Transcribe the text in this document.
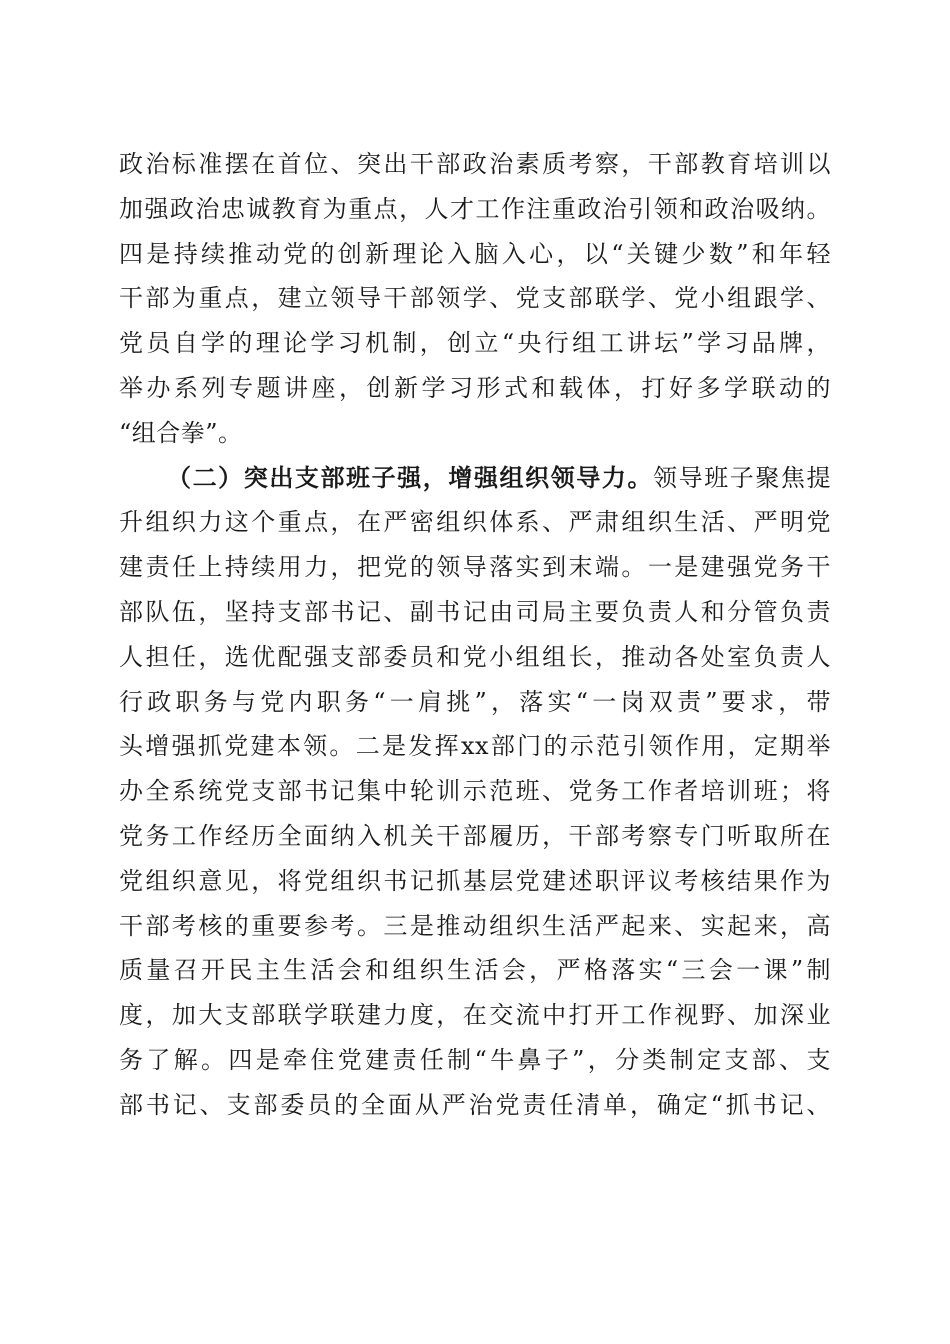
政治标准摆在首位、突出干部政治素质考察，干部教育培训以
加强政治忠诚教育为重点，人才工作注重政治引领和政治吸纳。
四是持续推动党的创新理论入脑入心，以“关键少数”和年轻
干部为重点，建立领导干部领学、党支部联学、党小组跟学、
党员自学的理论学习机制，创立“央行组工讲坛”学习品牌，
举办系列专题讲座，创新学习形式和载体，打好多学联动的
“组合拳”。
（二）突出支部班子强，增强组织领导力。领导班子聚焦提
升组织力这个重点，在严密组织体系、严肃组织生活、严明党
建责任上持续用力，把党的领导落实到末端。一是建强党务干
部队伍，坚持支部书记、副书记由司局主要负责人和分管负责
人担任，选优配强支部委员和党小组组长，推动各处室负责人
行政职务与党内职务“一肩挑”，落实“一岗双责”要求，带
头增强抓党建本领。二是发挥xx部门的示范引领作用，定期举
办全系统党支部书记集中轮训示范班、党务工作者培训班；将
党务工作经历全面纳入机关干部履历，干部考察专门听取所在
党组织意见，将党组织书记抓基层党建述职评议考核结果作为
干部考核的重要参考。三是推动组织生活严起来、实起来，高
质量召开民主生活会和组织生活会，严格落实“三会一课”制
度，加大支部联学联建力度，在交流中打开工作视野、加深业
务了解。四是牵住党建责任制“牛鼻子”，分类制定支部、支
部书记、支部委员的全面从严治党责任清单，确定“抓书记、
